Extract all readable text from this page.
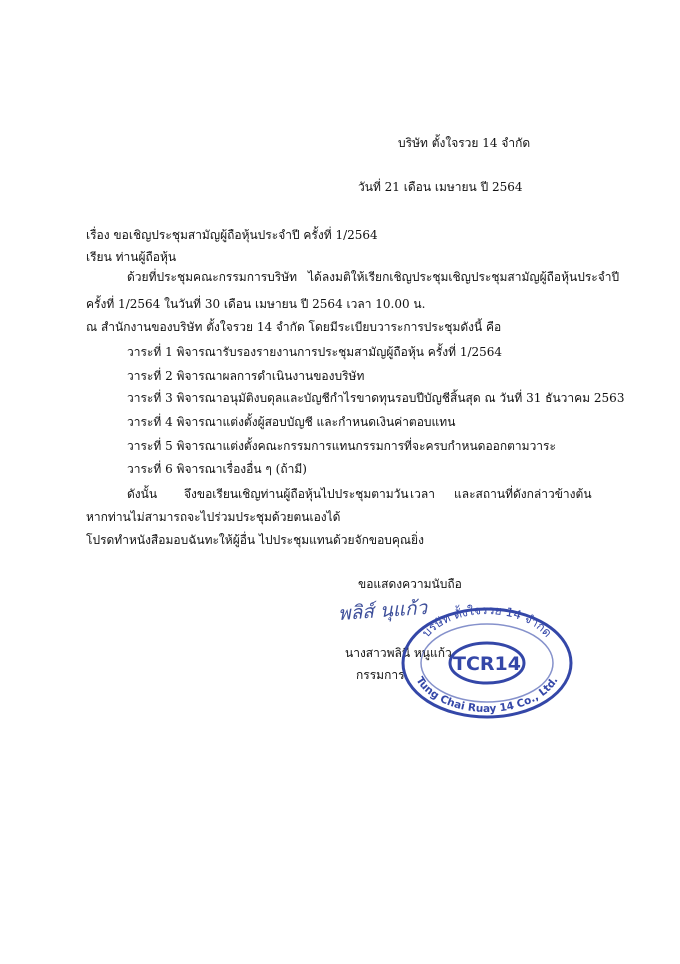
บริษัท ตั้งใจรวย 14 จำกัด
วันที่ 21 เดือน เมษายน ปี 2564
เรื่อง ขอเชิญประชุมสามัญผู้ถือหุ้นประจำปี ครั้งที่ 1/2564
เรียน ท่านผู้ถือหุ้น
ด้วยที่ประชุมคณะกรรมการบริษัท ได้ลงมติให้เรียกเชิญประชุมเชิญประชุมสามัญผู้ถือหุ้นประจำปี
ครั้งที่ 1/2564 ในวันที่ 30 เดือน เมษายน ปี 2564 เวลา 10.00 น.
ณ สำนักงานของบริษัท ตั้งใจรวย 14 จำกัด โดยมีระเบียบวาระการประชุมดังนี้ คือ
วาระที่ 1 พิจารณารับรองรายงานการประชุมสามัญผู้ถือหุ้น ครั้งที่ 1/2564
วาระที่ 2 พิจารณาผลการดำเนินงานของบริษัท
วาระที่ 3 พิจารณาอนุมัติงบดุลและบัญชีกำไรขาดทุนรอบปีบัญชีสิ้นสุด ณ วันที่ 31 ธันวาคม 2563
วาระที่ 4 พิจารณาแต่งตั้งผู้สอบบัญชี และกำหนดเงินค่าตอบแทน
วาระที่ 5 พิจารณาแต่งตั้งคณะกรรมการแทนกรรมการที่จะครบกำหนดออกตามวาระ
วาระที่ 6 พิจารณาเรื่องอื่น ๆ (ถ้ามี)
ดังนั้น จึงขอเรียนเชิญท่านผู้ถือหุ้นไปประชุมตามวัน เวลา และสถานที่ดังกล่าวข้างต้น
หากท่านไม่สามารถจะไปร่วมประชุมด้วยตนเองได้
โปรดทำหนังสือมอบฉันทะให้ผู้อื่น ไปประชุมแทนด้วยจักขอบคุณยิ่ง
ขอแสดงความนับถือ
พลิส์ นุแก้ว
นางสาวพลินี หนูแก้ว
กรรมการ
บริษัท ตั้งใจรวย 14 จำกัด
Tung Chai Ruay 14 Co., Ltd.
TCR14
